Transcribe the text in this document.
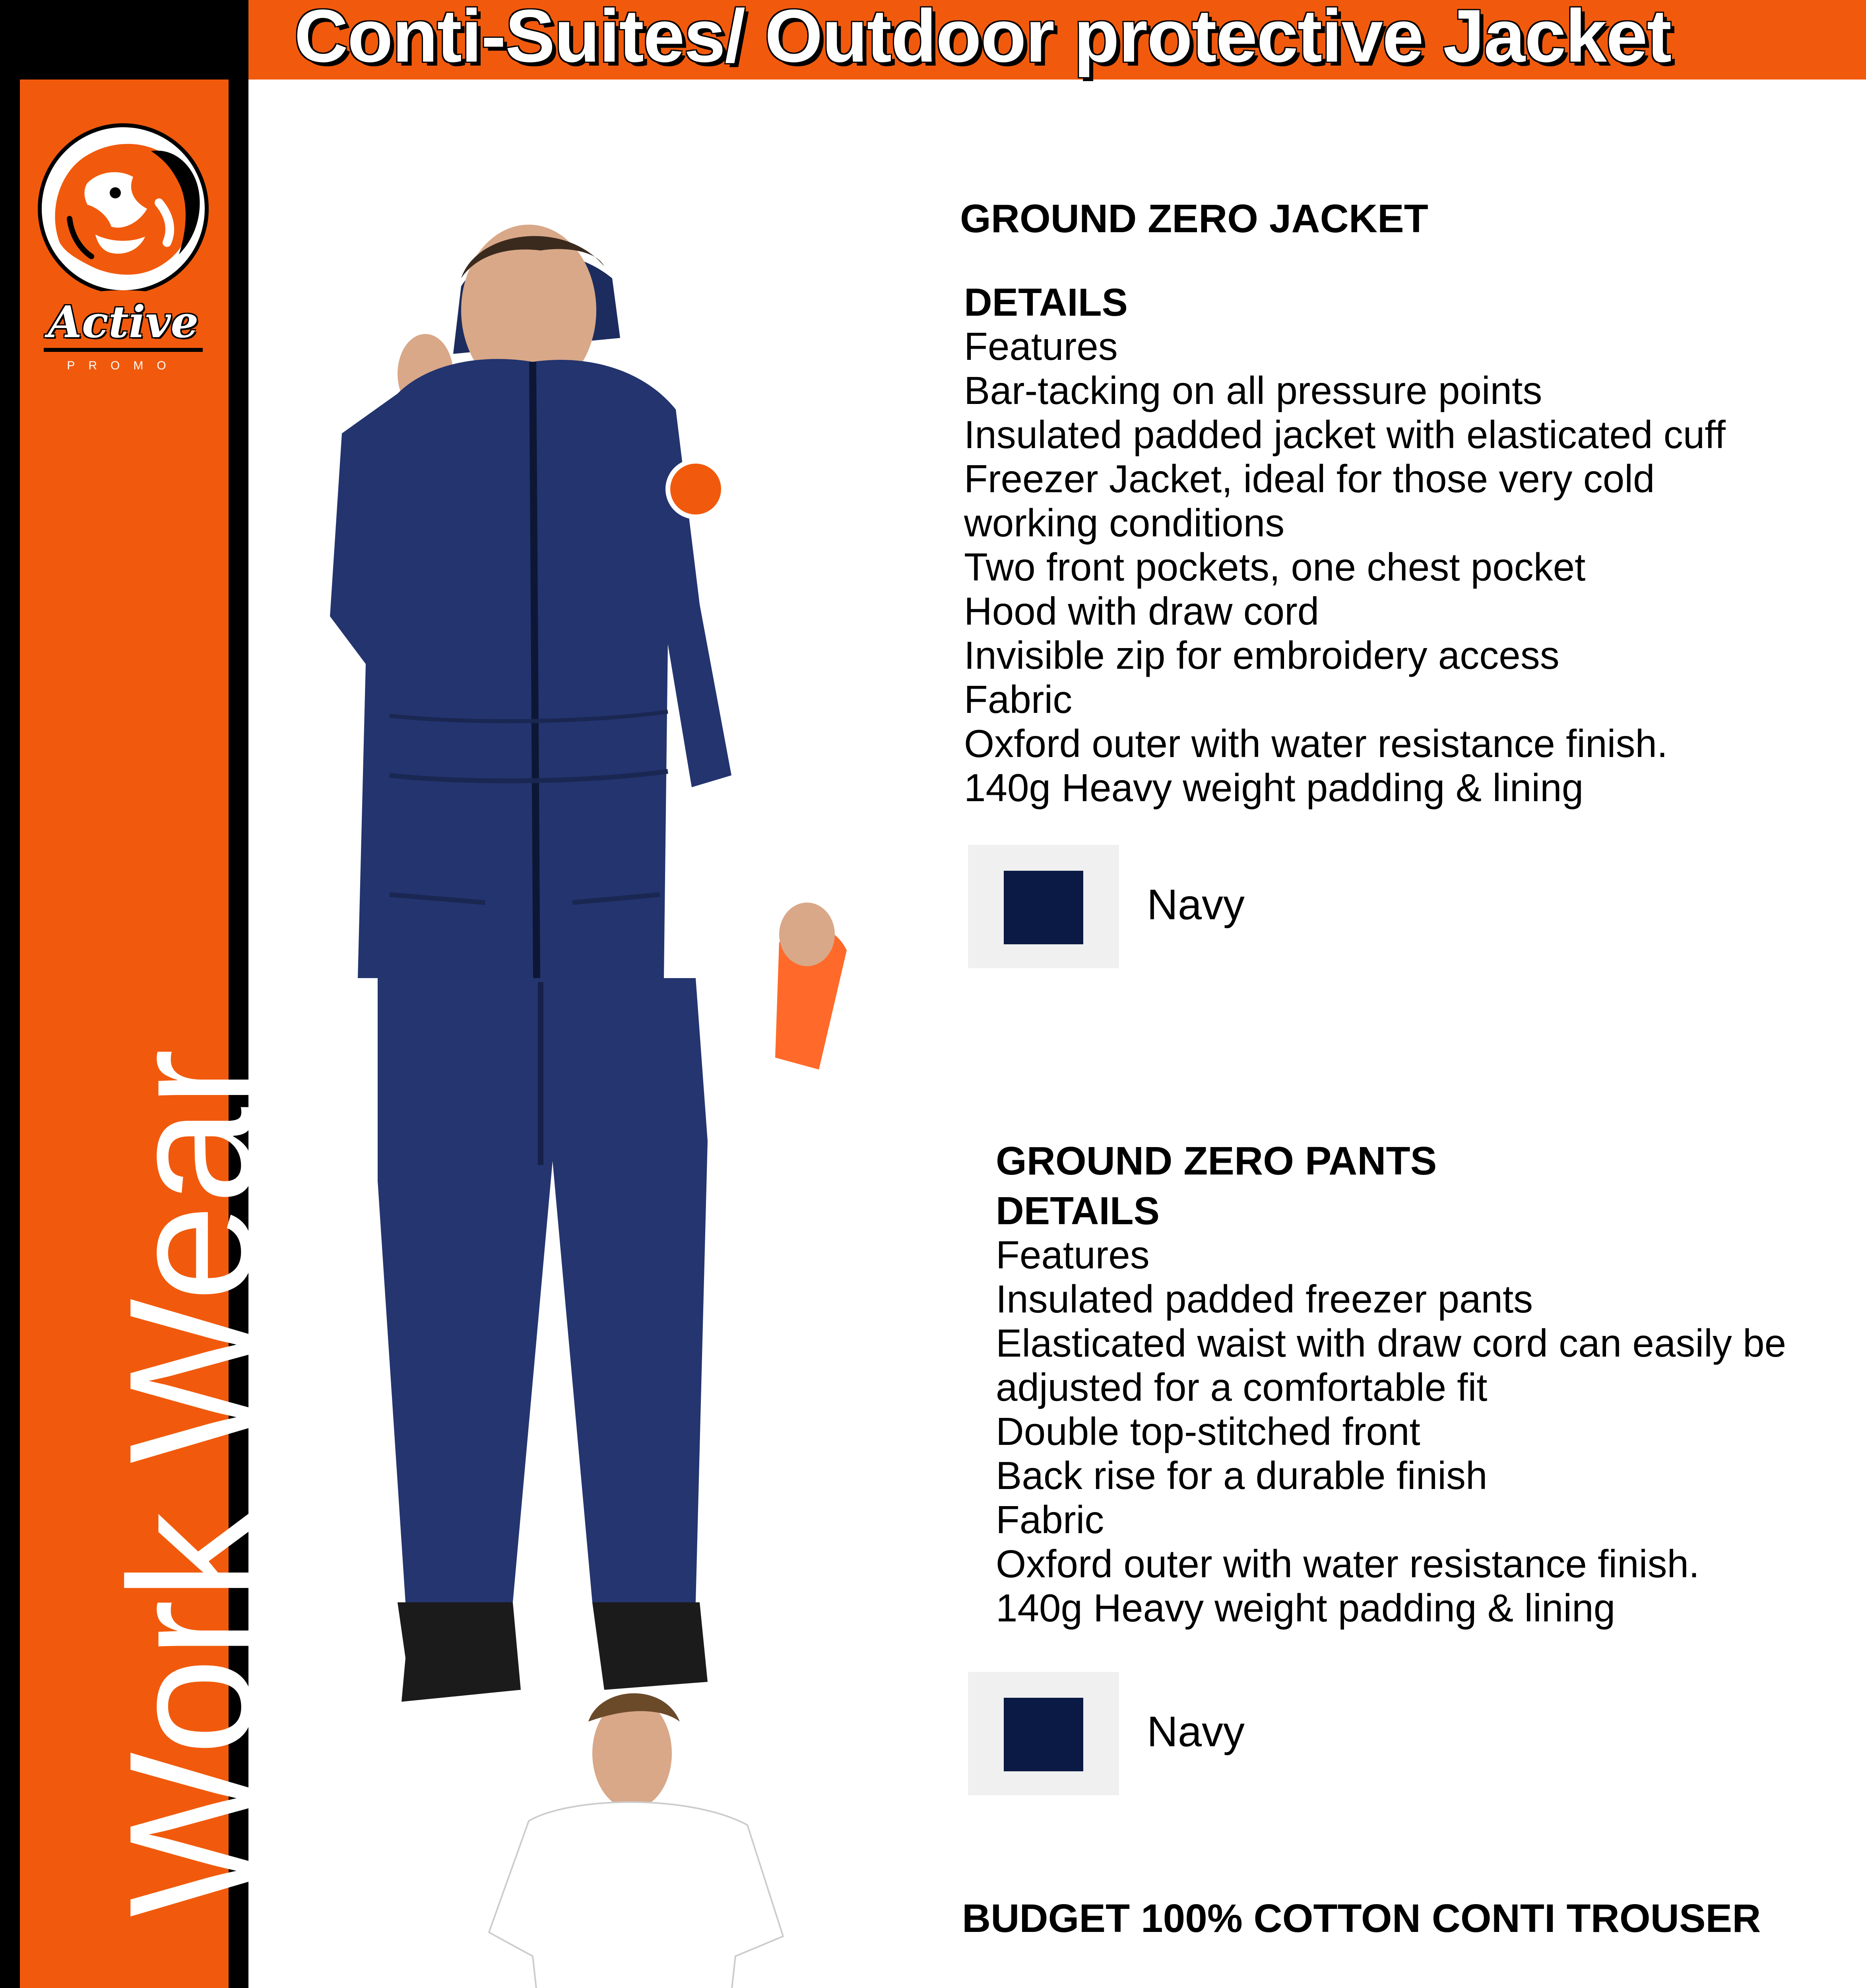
Conti-Suites/ Outdoor protective Jacket
Active
PROMO
Work Wear
GROUND ZERO JACKET
DETAILS
Features
Bar-tacking on all pressure points
Insulated padded jacket with elasticated cuff
Freezer Jacket, ideal for those very cold
working conditions
Two front pockets, one chest pocket
Hood with draw cord
Invisible zip for embroidery access
Fabric
Oxford outer with water resistance finish.
140g Heavy weight padding & lining
Navy
GROUND ZERO PANTS
DETAILS
Features
Insulated padded freezer pants
Elasticated waist with draw cord can easily be
adjusted for a comfortable fit
Double top-stitched front
Back rise for a durable finish
Fabric
Oxford outer with water resistance finish.
140g Heavy weight padding & lining
Navy
BUDGET 100% COTTON CONTI TROUSER
